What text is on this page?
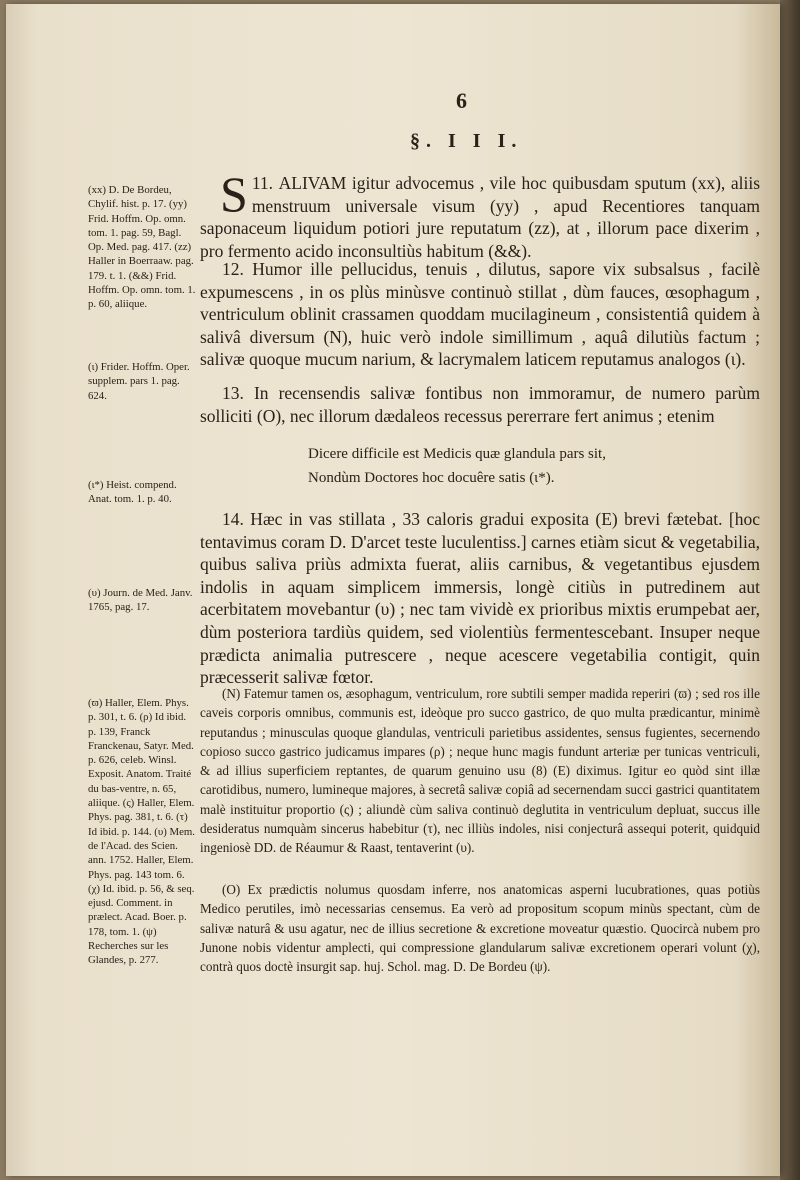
6
§. I I I.

(xx) D. De Bordeu, Chylif. hist. p. 17. (yy) Frid. Hoffm. Op. omn. tom. 1. pag. 59, Bagl. Op. Med. pag. 417. (zz) Haller in Boerraaw. pag. 179. t. 1. (&&) Frid. Hoffm. Op. omn. tom. 1. p. 60, aliique.

(ι) Frider. Hoffm. Oper. supplem. pars 1. pag. 624.

(ι*) Heist. compend. Anat. tom. 1. p. 40.

(υ) Journ. de Med. Janv. 1765, pag. 17.

(ϖ) Haller, Elem. Phys. p. 301, t. 6. (ρ) Id ibid. p. 139, Franck Franckenau, Satyr. Med. p. 626, celeb. Winsl. Exposit. Anatom. Traité du bas-ventre, n. 65, aliique. (ς) Haller, Elem. Phys. pag. 381, t. 6. (τ) Id ibid. p. 144. (υ) Mem. de l'Acad. des Scien. ann. 1752. Haller, Elem. Phys. pag. 143 tom. 6. (χ) Id. ibid. p. 56, & seq. ejusd. Comment. in prælect. Acad. Boer. p. 178, tom. 1. (ψ) Recherches sur les Glandes, p. 277.

11.
S ALIVAM igitur advocemus , vile hoc quibusdam sputum (xx), aliis menstruum universale visum (yy) , apud Recentiores tanquam saponaceum liquidum potiori jure reputatum (zz), at , illorum pace dixerim , pro fermento acido inconsultiùs habitum (&&).

12. Humor ille pellucidus, tenuis , dilutus, sapore vix subsalsus , facilè expumescens , in os plùs minùsve continuò stillat , dùm fauces, œsophagum , ventriculum oblinit crassamen quoddam mucilagineum , consistentiâ quidem à salivâ diversum (N), huic verò indole simillimum , aquâ dilutiùs factum ; salivæ quoque mucum narium, & lacrymalem laticem reputamus analogos (ι).

13. In recensendis salivæ fontibus non immoramur, de numero parùm solliciti (O), nec illorum dædaleos recessus pererrare fert animus ; etenim

Dicere difficile est Medicis quæ glandula pars sit,

Nondùm Doctores hoc docuêre satis (ι*).

14. Hæc in vas stillata , 33 caloris gradui exposita (E) brevi fætebat. [hoc tentavimus coram D. D'arcet teste luculentiss.] carnes etiàm sicut & vegetabilia, quibus saliva priùs admixta fuerat, aliis carnibus, & vegetantibus ejusdem indolis in aquam simplicem immersis, longè citiùs in putredinem aut acerbitatem movebantur (υ) ; nec tam vividè ex prioribus mixtis erumpebat aer, dùm posteriora tardiùs quidem, sed violentiùs fermentescebant. Insuper neque prædicta animalia putrescere , neque acescere vegetabilia contigit, quin præcesserit salivæ fœtor.

(N) Fatemur tamen os, æsophagum, ventriculum, rore subtili semper madida reperiri (ϖ) ; sed ros ille caveis corporis omnibus, communis est, ideòque pro succo gastrico, de quo multa prædicantur, minimè reputandus ; minusculas quoque glandulas, ventriculi parietibus assidentes, sensus fugientes, secernendo copioso succo gastrico judicamus impares (ρ) ; neque hunc magis fundunt arteriæ per tunicas ventriculi, & ad illius superficiem reptantes, de quarum genuino usu (8) (E) diximus. Igitur eo quòd sint illæ carotidibus, numero, lumineque majores, à secretâ salivæ copiâ ad secernendam succi gastrici quantitatem malè instituitur proportio (ς) ; aliundè cùm saliva continuò deglutita in ventriculum depluat, succus ille desideratus numquàm sincerus habebitur (τ), nec illiùs indoles, nisi conjecturâ assequi poterit, quidquid ingeniosè DD. de Réaumur & Raast, tentaverint (υ).

(O) Ex prædictis nolumus quosdam inferre, nos anatomicas asperni lucubrationes, quas potiùs Medico perutiles, imò necessarias censemus. Ea verò ad propositum scopum minùs spectant, cùm de salivæ naturâ & usu agatur, nec de illius secretione & excretione moveatur quæstio. Quocircà nubem pro Junone nobis videntur amplecti, qui compressione glandularum salivæ excretionem operari volunt (χ), contrà quos doctè insurgit sap. huj. Schol. mag. D. De Bordeu (ψ).
